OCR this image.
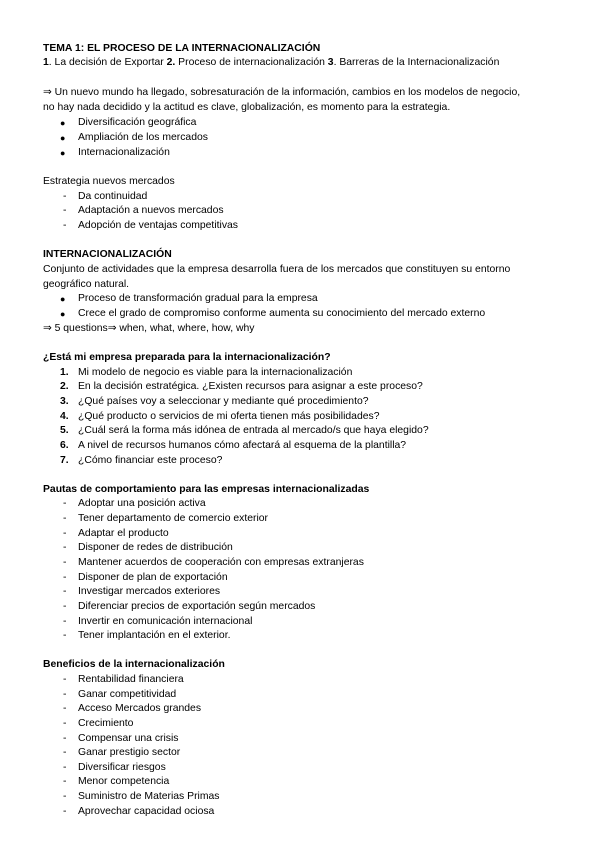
TEMA 1: EL PROCESO DE LA INTERNACIONALIZACIÓN
1. La decisión de Exportar 2. Proceso de internacionalización 3. Barreras de la Internacionalización
⇒ Un nuevo mundo ha llegado, sobresaturación de la información, cambios en los modelos de negocio,
no hay nada decidido y la actitud es clave, globalización, es momento para la estrategia.
● Diversificación geográfica
● Ampliación de los mercados
● Internacionalización
Estrategia nuevos mercados
- Da continuidad
- Adaptación a nuevos mercados
- Adopción de ventajas competitivas
INTERNACIONALIZACIÓN
Conjunto de actividades que la empresa desarrolla fuera de los mercados que constituyen su entorno
geográfico natural.
● Proceso de transformación gradual para la empresa
● Crece el grado de compromiso conforme aumenta su conocimiento del mercado externo
⇒ 5 questions⇒ when, what, where, how, why
¿Está mi empresa preparada para la internacionalización?
1. Mi modelo de negocio es viable para la internacionalización
2. En la decisión estratégica. ¿Existen recursos para asignar a este proceso?
3. ¿Qué países voy a seleccionar y mediante qué procedimiento?
4. ¿Qué producto o servicios de mi oferta tienen más posibilidades?
5. ¿Cuál será la forma más idónea de entrada al mercado/s que haya elegido?
6. A nivel de recursos humanos cómo afectará al esquema de la plantilla?
7. ¿Cómo financiar este proceso?
Pautas de comportamiento para las empresas internacionalizadas
- Adoptar una posición activa
- Tener departamento de comercio exterior
- Adaptar el producto
- Disponer de redes de distribución
- Mantener acuerdos de cooperación con empresas extranjeras
- Disponer de plan de exportación
- Investigar mercados exteriores
- Diferenciar precios de exportación según mercados
- Invertir en comunicación internacional
- Tener implantación en el exterior.
Beneficios de la internacionalización
- Rentabilidad financiera
- Ganar competitividad
- Acceso Mercados grandes
- Crecimiento
- Compensar una crisis
- Ganar prestigio sector
- Diversificar riesgos
- Menor competencia
- Suministro de Materias Primas
- Aprovechar capacidad ociosa
